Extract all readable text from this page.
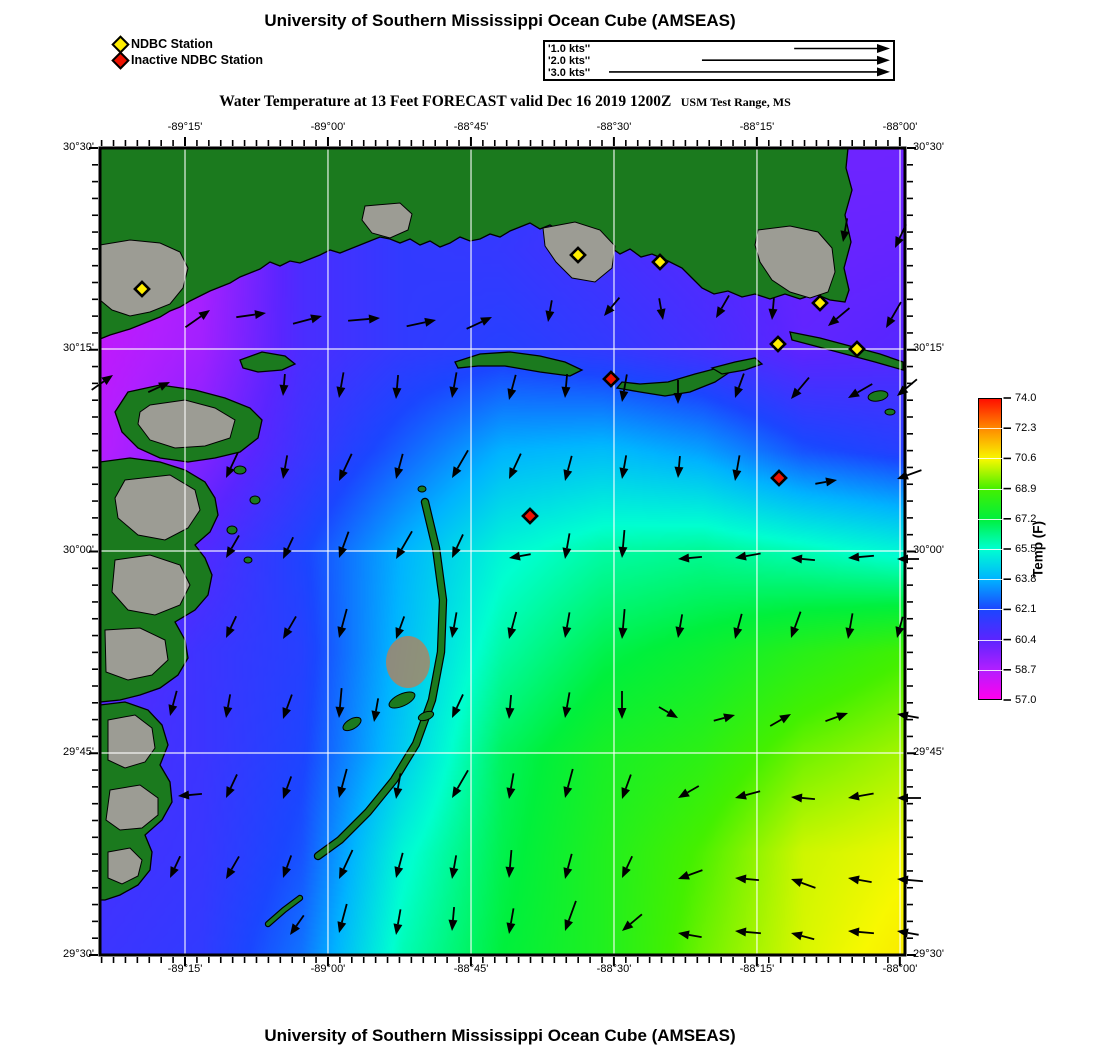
University of Southern Mississippi Ocean Cube (AMSEAS)
NDBC Station
Inactive NDBC Station
'1.0 kts''
'2.0 kts''
'3.0 kts''
Water Temperature at 13 Feet FORECAST valid Dec 16 2019 1200Z USM Test Range, MS
Temp (F)
University of Southern Mississippi Ocean Cube (AMSEAS)
-89°15'
-89°15'
-89°00'
-89°00'
-88°45'
-88°45'
-88°30'
-88°30'
-88°15'
-88°15'
-88°00'
-88°00'
30°30'	30°30'
30°15'	30°15'
30°00'	30°00'
29°45'	29°45'
29°30'	29°30'
74.0
72.3
70.6
68.9
67.2
65.5
63.8
62.1
60.4
58.7
57.0
